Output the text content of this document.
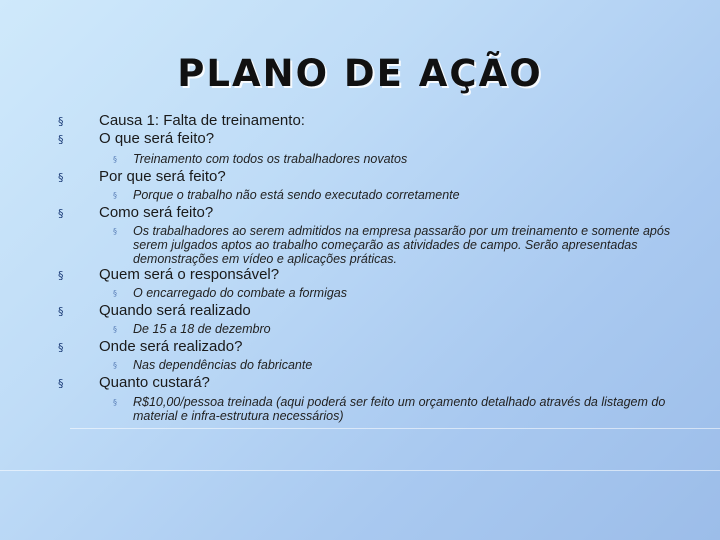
PLANO DE AÇÃO
§ Causa 1: Falta de treinamento:
§ O que será feito?
§ Treinamento com todos os trabalhadores novatos
§ Por que será feito?
§ Porque o trabalho não está sendo executado corretamente
§ Como será feito?
§ Os trabalhadores ao serem admitidos na empresa passarão por um treinamento e somente após serem julgados aptos ao trabalho começarão as atividades de campo. Serão apresentadas demonstrações em vídeo e aplicações práticas.
§ Quem será o responsável?
§ O encarregado do combate a formigas
§ Quando será realizado
§ De 15 a 18 de dezembro
§ Onde será realizado?
§ Nas dependências do fabricante
§ Quanto custará?
§ R$10,00/pessoa treinada (aqui poderá ser feito um orçamento detalhado através da listagem do material e infra-estrutura necessários)
